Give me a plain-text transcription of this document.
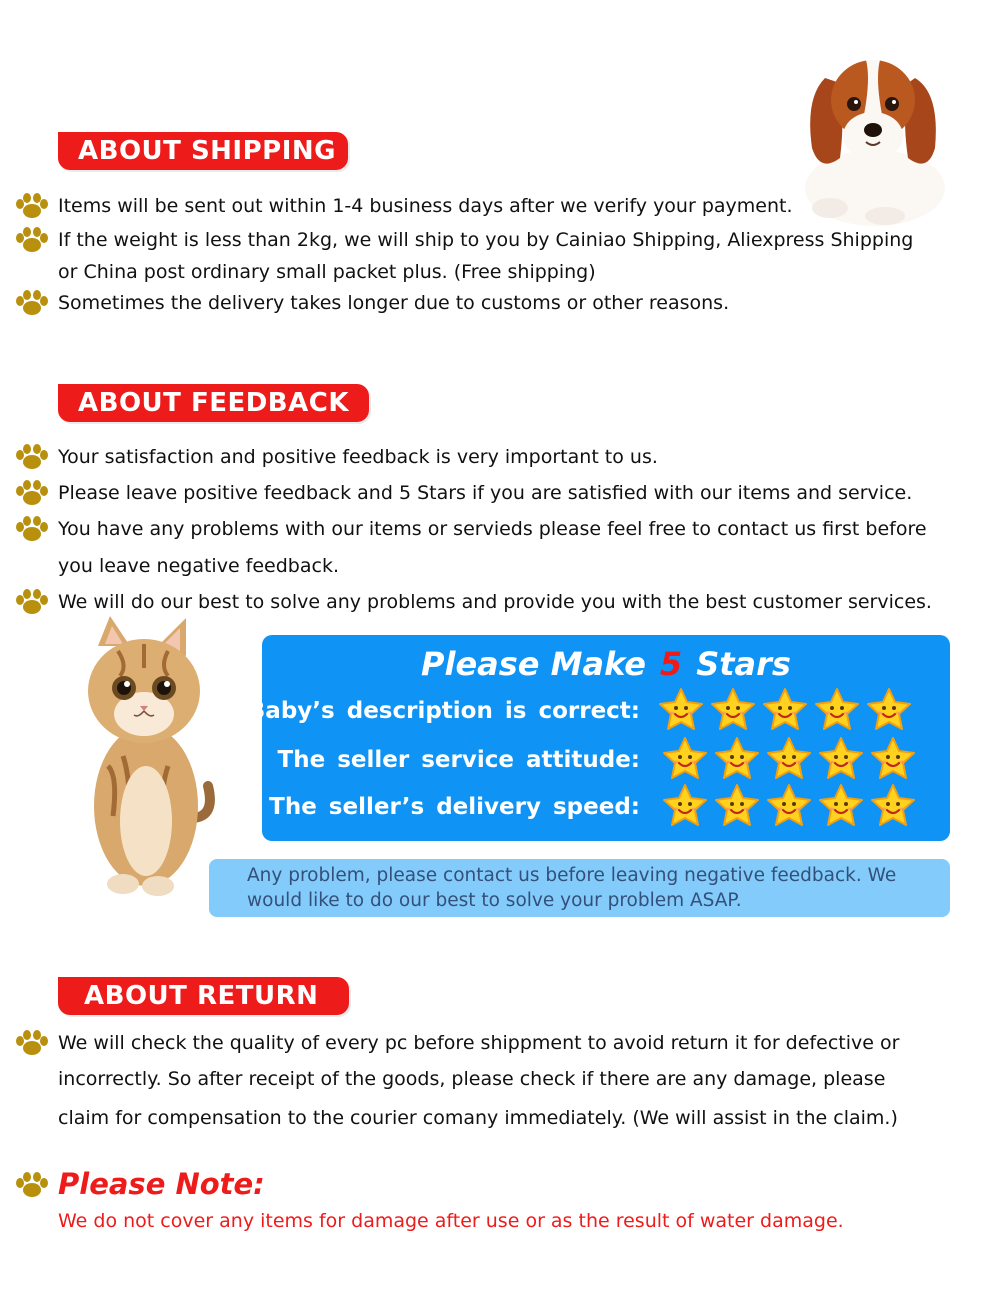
ABOUT SHIPPING
Items will be sent out within 1-4 business days after we verify your payment.
If the weight is less than 2kg, we will ship to you by Cainiao Shipping, Aliexpress Shipping
or China post ordinary small packet plus. (Free shipping)
Sometimes the delivery takes longer due to customs or other reasons.
ABOUT FEEDBACK
Your satisfaction and positive feedback is very important to us.
Please leave positive feedback and 5 Stars if you are satisfied with our items and service.
You have any problems with our items or servieds please feel free to contact us first before
you leave negative feedback.
We will do our best to solve any problems and provide you with the best customer services.
Please Make 5 Stars
Baby’s description is correct:
The seller service attitude:
The seller’s delivery speed:
Any problem, please contact us before leaving negative feedback. We would like to do our best to solve your problem ASAP.
ABOUT RETURN
We will check the quality of every pc before shippment to avoid return it for defective or
incorrectly. So after receipt of the goods, please check if there are any damage, please
claim for compensation to the courier comany immediately. (We will assist in the claim.)
Please Note:
We do not cover any items for damage after use or as the result of water damage.
